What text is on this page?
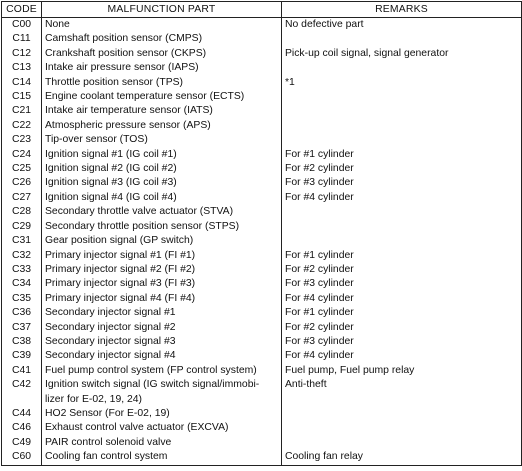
CODE	MALFUNCTION PART	REMARKS
C00	None	No defective part
C11	Camshaft position sensor (CMPS)	
C12	Crankshaft position sensor (CKPS)	Pick-up coil signal, signal generator
C13	Intake air pressure sensor (IAPS)	
C14	Throttle position sensor (TPS)	*1
C15	Engine coolant temperature sensor (ECTS)	
C21	Intake air temperature sensor (IATS)	
C22	Atmospheric pressure sensor (APS)	
C23	Tip-over sensor (TOS)	
C24	Ignition signal #1 (IG coil #1)	For #1 cylinder
C25	Ignition signal #2 (IG coil #2)	For #2 cylinder
C26	Ignition signal #3 (IG coil #3)	For #3 cylinder
C27	Ignition signal #4 (IG coil #4)	For #4 cylinder
C28	Secondary throttle valve actuator (STVA)	
C29	Secondary throttle position sensor (STPS)	
C31	Gear position signal (GP switch)	
C32	Primary injector signal #1 (FI #1)	For #1 cylinder
C33	Primary injector signal #2 (FI #2)	For #2 cylinder
C34	Primary injector signal #3 (FI #3)	For #3 cylinder
C35	Primary injector signal #4 (FI #4)	For #4 cylinder
C36	Secondary injector signal #1	For #1 cylinder
C37	Secondary injector signal #2	For #2 cylinder
C38	Secondary injector signal #3	For #3 cylinder
C39	Secondary injector signal #4	For #4 cylinder
C41	Fuel pump control system (FP control system)	Fuel pump, Fuel pump relay
C42	Ignition switch signal (IG switch signal/immobi-
lizer for E-02, 19, 24)	Anti-theft
C44	HO2 Sensor (For E-02, 19)	
C46	Exhaust control valve actuator (EXCVA)	
C49	PAIR control solenoid valve	
C60	Cooling fan control system	Cooling fan relay
